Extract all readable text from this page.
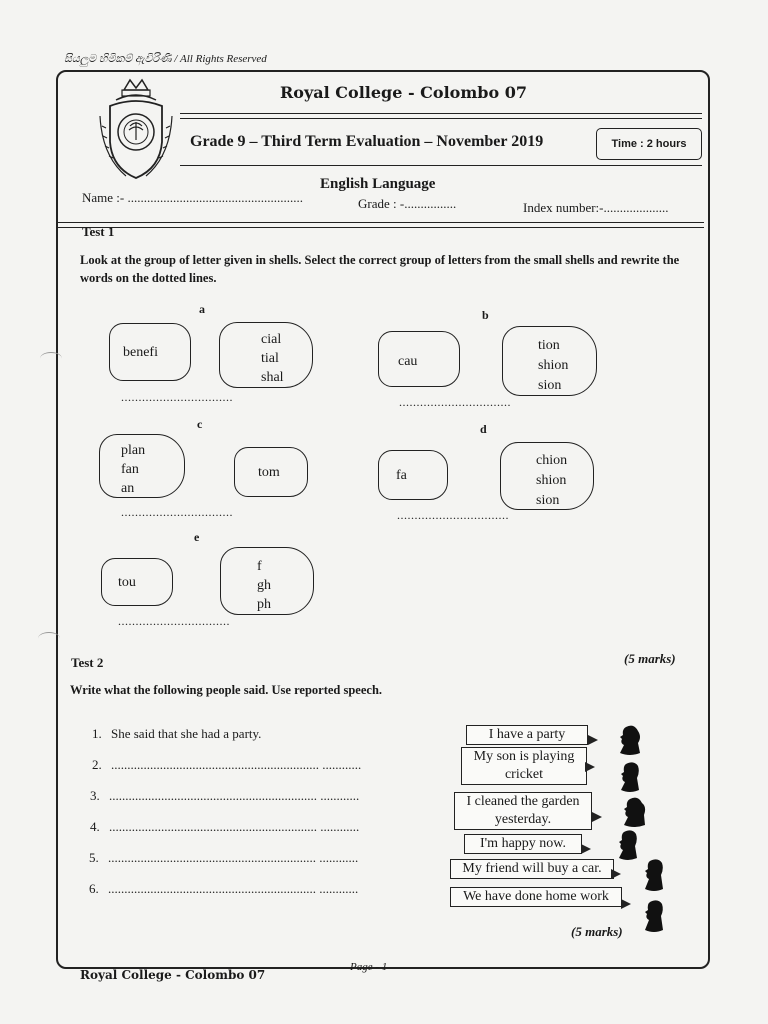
සියලුම හිමිකම් ඇවිරිණි / All Rights Reserved
Royal College - Colombo 07
Grade 9 – Third Term Evaluation – November 2019	Time : 2 hours
English Language
Name :- ......................................................	Grade : -................	Index number:-....................
Test 1
Look at the group of letter given in shells. Select the correct group of letters from the small shells and rewrite the words on the dotted lines.
a
benefi
cial
tial
shal
................................
b
cau
tion
shion
sion
................................
c
plan
fan
an
tom
................................
d
fa
chion
shion
sion
................................
e
tou
f
gh
ph
................................
(5 marks)
Test 2
Write what the following people said. Use reported speech.
1. She said that she had a party.
2. ................................................................ ............
3. ................................................................ ............
4. ................................................................ ............
5. ................................................................ ............
6. ................................................................ ............
I have a party
My son is playing cricket
I cleaned the garden yesterday.
I'm happy now.
My friend will buy a car.
We have done home work
(5 marks)
Royal College - Colombo 07
Page - 1
